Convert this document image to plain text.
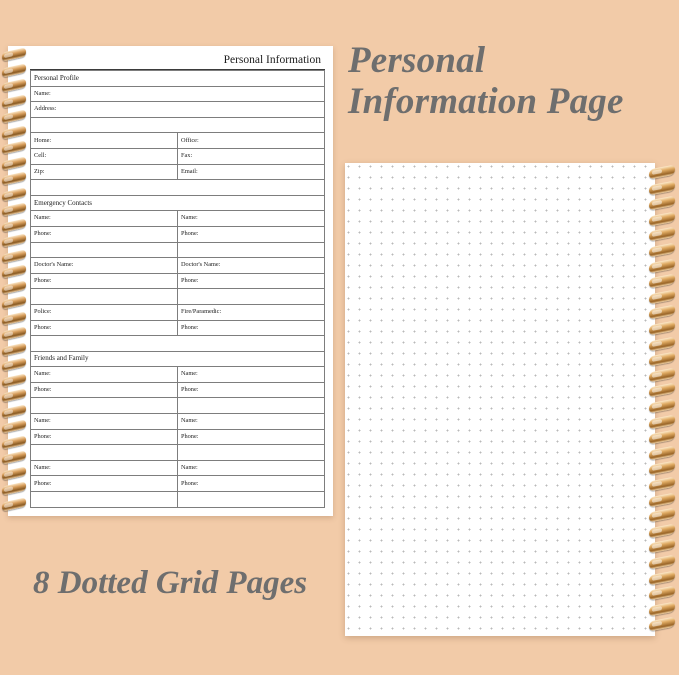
Personal Information
Personal Profile	
Name:	
Address:	

Home:	Office:
Cell:	Fax:
Zip:	Email:

Emergency Contacts	
Name:	Name:
Phone:	Phone:

Doctor's Name:	Doctor's Name:
Phone:	Phone:

Police:	Fire/Paramedic:
Phone:	Phone:

Friends and Family	
Name:	Name:
Phone:	Phone:

Name:	Name:
Phone:	Phone:

Name:	Name:
Phone:	Phone:

Personal
Information Page
8 Dotted Grid Pages
